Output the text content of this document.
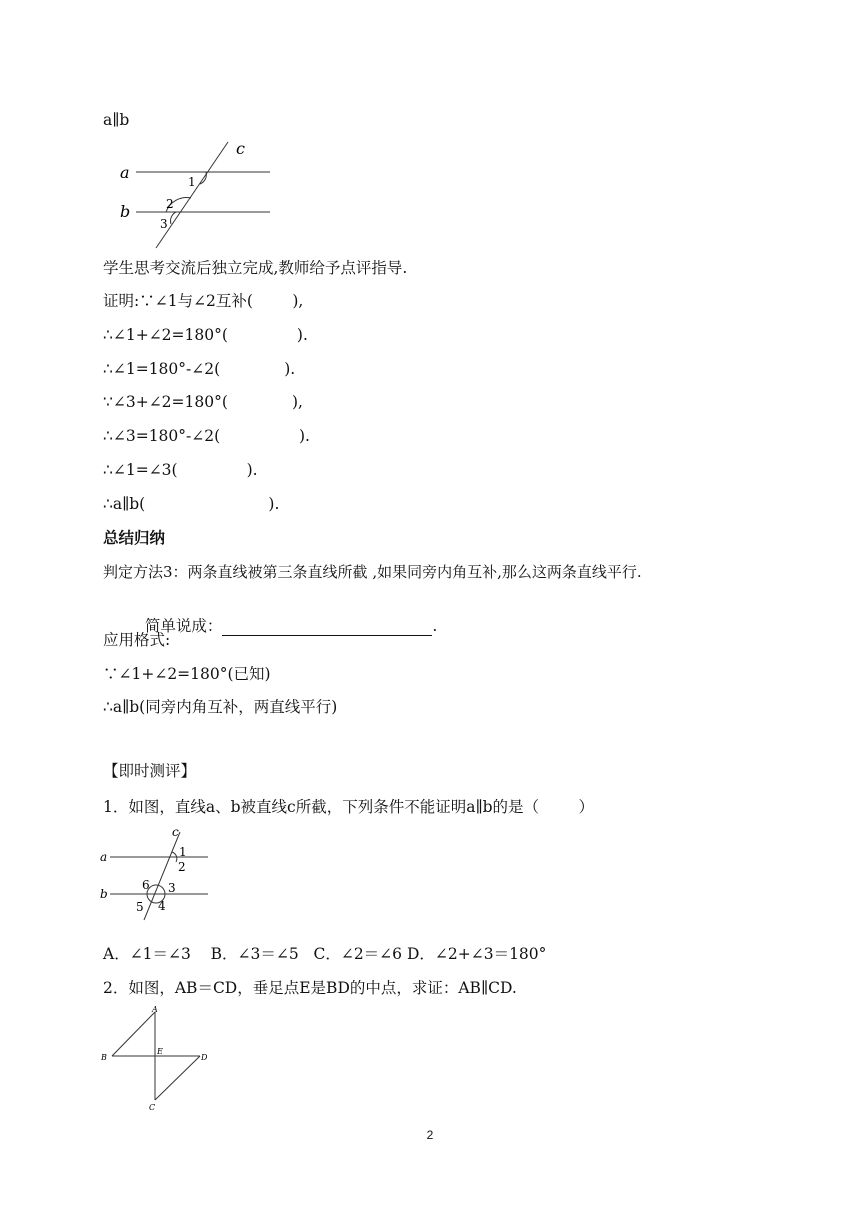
a∥b
a
b
c
1
2
3
学生思考交流后独立完成,教师给予点评指导.
证明:∵∠1与∠2互补(        ),
∴∠1+∠2=180°(              ).
∴∠1=180°-∠2(             ).
∵∠3+∠2=180°(             ),
∴∠3=180°-∠2(                ).
∴∠1=∠3(              ).
∴a∥b(                         ).
总结归纳
判定方法3：两条直线被第三条直线所截 ,如果同旁内角互补,那么这两条直线平行.

简单说成：	.

应用格式:
∵∠1+∠2=180°(已知)
∴a∥b(同旁内角互补，两直线平行)
【即时测评】
1．如图，直线a、b被直线c所截，下列条件不能证明a∥b的是（        ）
a
b
c
1
2
3
4
5
6
A．∠1＝∠3    B．∠3＝∠5   C．∠2＝∠6 D．∠2+∠3＝180°
2．如图，AB＝CD，垂足点E是BD的中点，求证：AB∥CD.
A
B
C
D
E
2
